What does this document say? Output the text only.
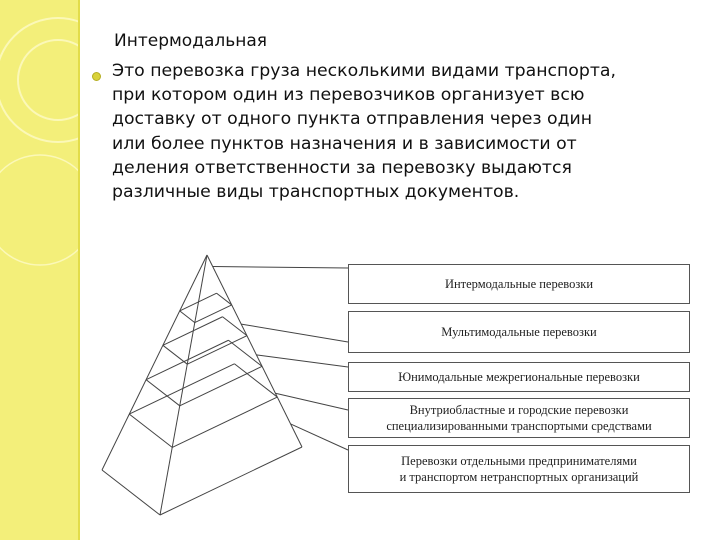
Интермодальная

Это перевозка груза несколькими видами транспорта,
при котором один из перевозчиков организует всю
доставку от одного пункта отправления через один
или более пунктов назначения и в зависимости от
деления ответственности за перевозку выдаются
различные виды транспортных документов.

Интермодальные перевозки
Мультимодальные перевозки
Юнимодальные межрегиональные перевозки
Внутриобластные и городские перевозки
специализированными транспортыми средствами
Перевозки отдельными предпринимателями
и транспортом нетранспортных организаций
